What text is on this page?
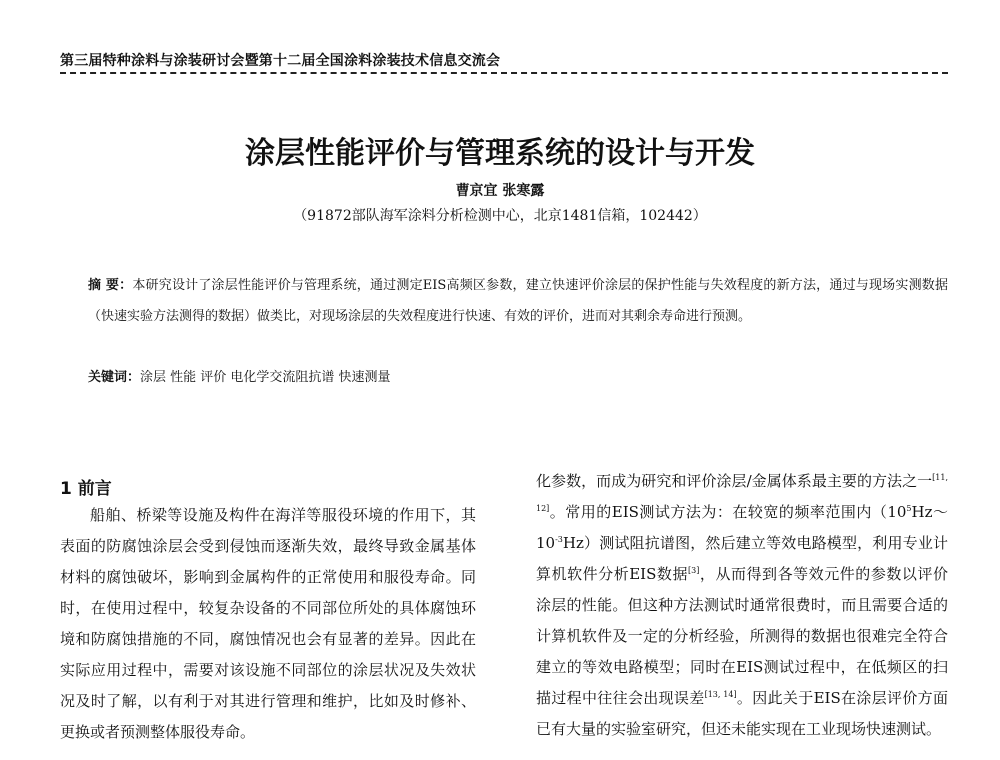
第三届特种涂料与涂装研讨会暨第十二届全国涂料涂装技术信息交流会
涂层性能评价与管理系统的设计与开发
曹京宜 张寒露
（91872部队海军涂料分析检测中心，北京1481信箱，102442）
摘 要：本研究设计了涂层性能评价与管理系统，通过测定EIS高频区参数，建立快速评价涂层的保护性能与失效程度的新方法，通过与现场实测数据（快速实验方法测得的数据）做类比，对现场涂层的失效程度进行快速、有效的评价，进而对其剩余寿命进行预测。
关键词：涂层 性能 评价 电化学交流阻抗谱 快速测量
1 前言
船舶、桥梁等设施及构件在海洋等服役环境的作用下，其表面的防腐蚀涂层会受到侵蚀而逐渐失效，最终导致金属基体材料的腐蚀破坏，影响到金属构件的正常使用和服役寿命。同时，在使用过程中，较复杂设备的不同部位所处的具体腐蚀环境和防腐蚀措施的不同，腐蚀情况也会有显著的差异。因此在实际应用过程中，需要对该设施不同部位的涂层状况及失效状况及时了解，以有利于对其进行管理和维护，比如及时修补、更换或者预测整体服役寿命。
化参数，而成为研究和评价涂层/金属体系最主要的方法之一[11, 12]。常用的EIS测试方法为：在较宽的频率范围内$(10^5Hz\sim 10^{-3}Hz)$测试阻抗谱图，然后建立等效电路模型，利用专业计算机软件分析EIS数据[3]，从而得到各等效元件的参数以评价涂层的性能。但这种方法测试时通常很费时，而且需要合适的计算机软件及一定的分析经验，所测得的数据也很难完全符合建立的等效电路模型；同时在EIS测试过程中，在低频区的扫描过程中往往会出现误差[13, 14]。因此关于EIS在涂层评价方面已有大量的实验室研究，但还未能实现在工业现场快速测试。
